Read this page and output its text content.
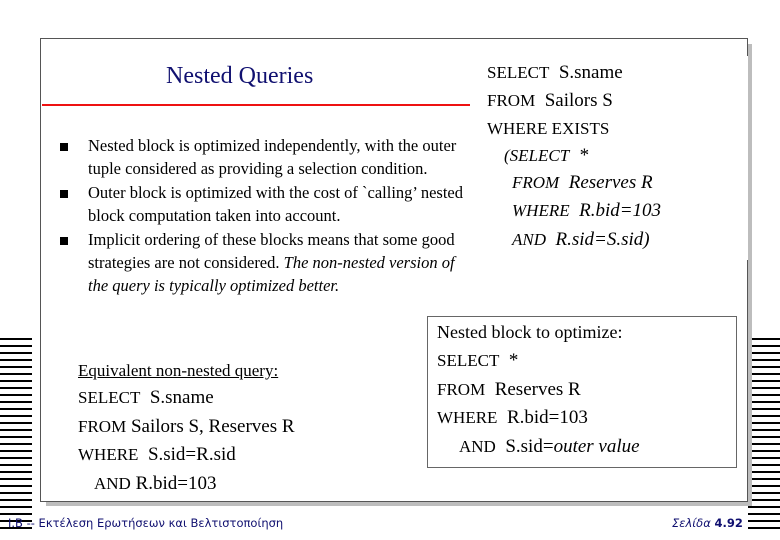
Nested Queries
Nested block is optimized independently, with the outer tuple considered as providing a selection condition.
Outer block is optimized with the cost of `calling’ nested block computation taken into account.
Implicit ordering of these blocks means that some good strategies are not considered. The non-nested version of the query is typically optimized better.
SELECT S.sname
FROM Sailors S
WHERE EXISTS
(SELECT *
FROM Reserves R
WHERE R.bid=103
AND R.sid=S.sid)
Nested block to optimize:
SELECT *
FROM Reserves R
WHERE R.bid=103
AND S.sid=outer value
Equivalent non-nested query:
SELECT S.sname
FROM Sailors S, Reserves R
WHERE S.sid=R.sid
AND R.bid=103
I.B -- Εκτέλεση Ερωτήσεων και Βελτιστοποίηση	Σελίδα 4.92
